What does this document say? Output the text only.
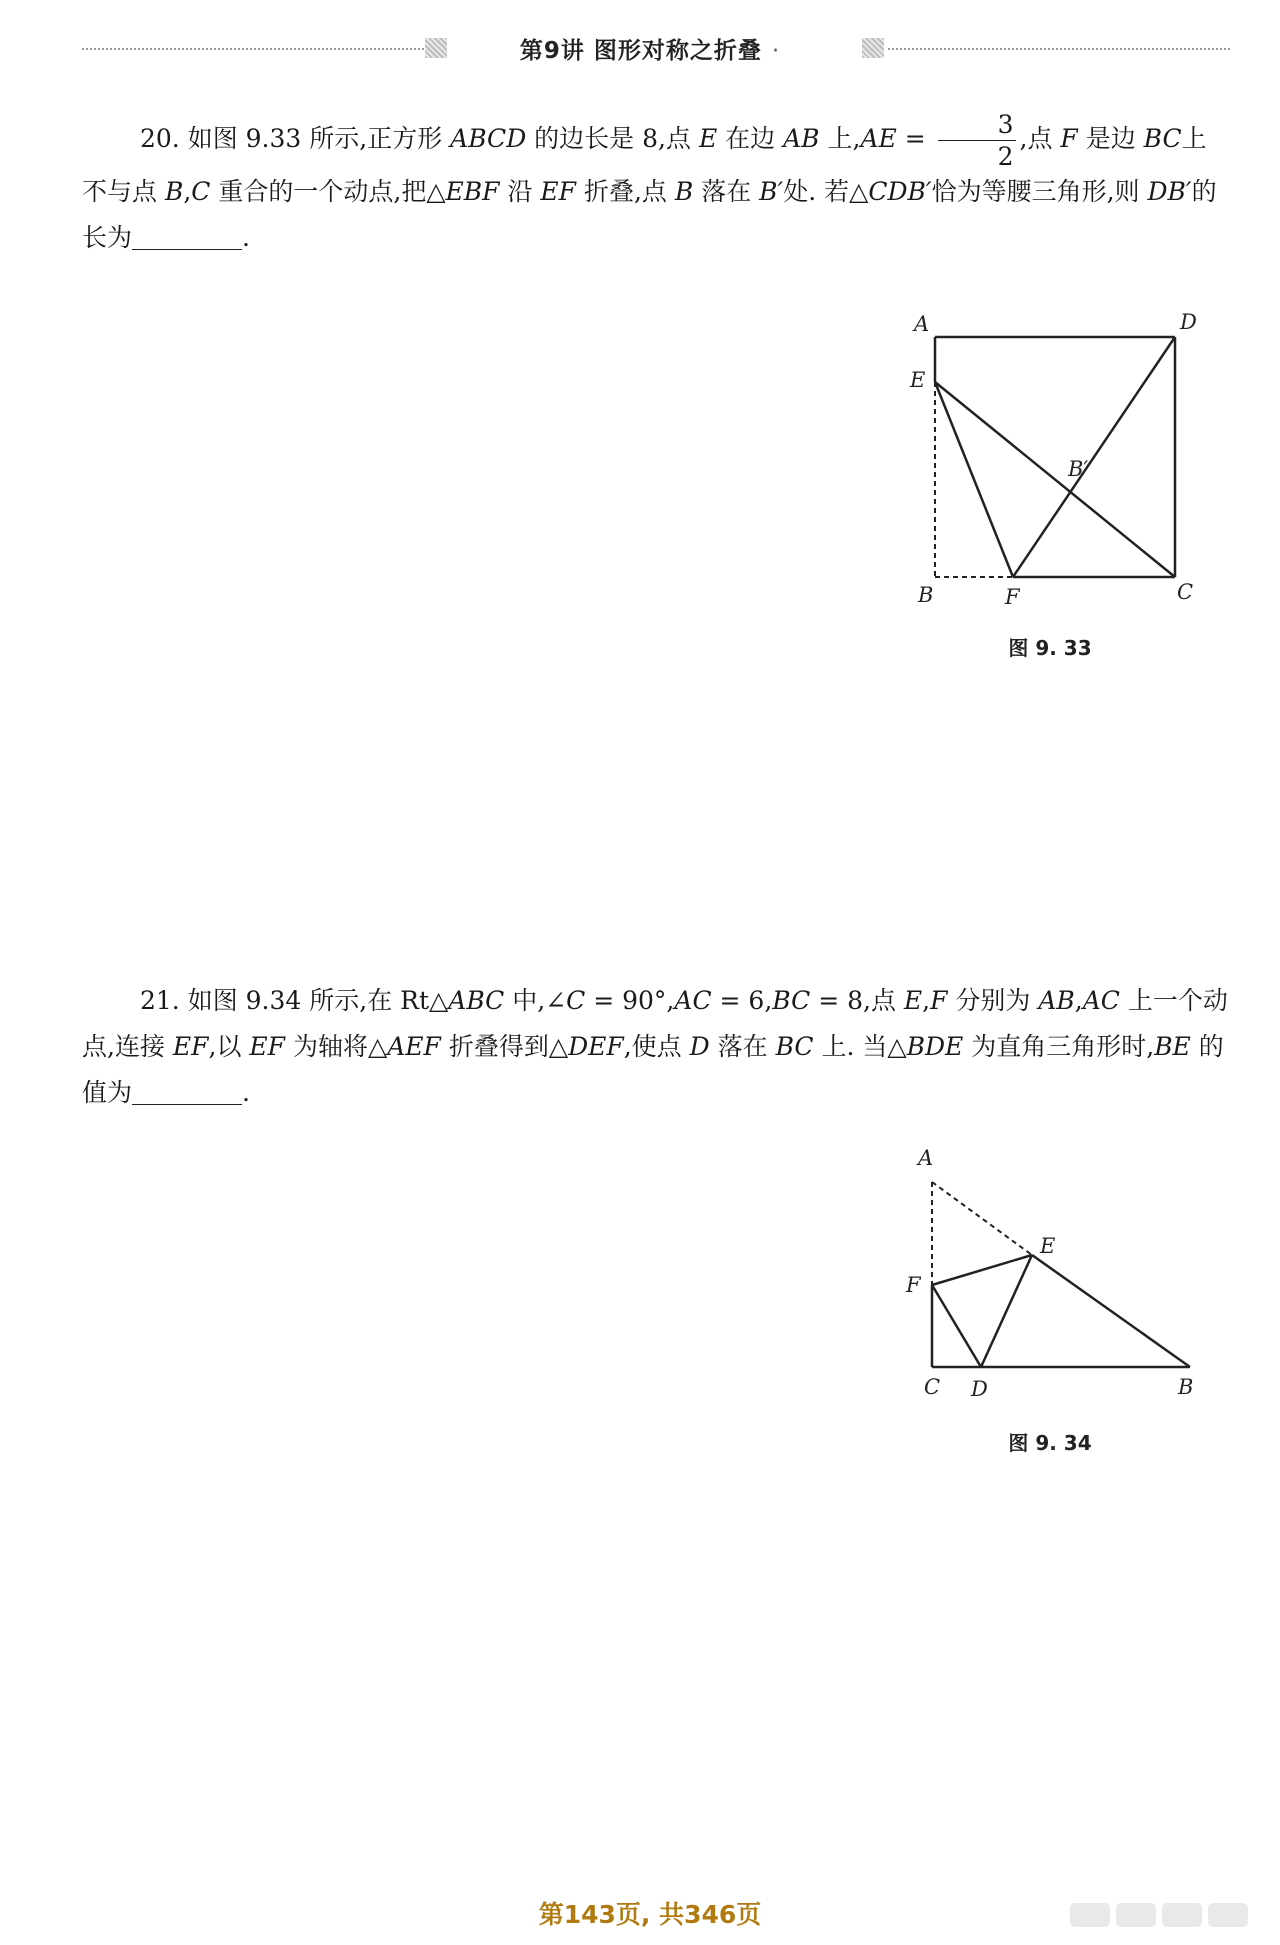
第9讲 图形对称之折叠 ·

20. 如图 9.33 所示,正方形 ABCD 的边长是 8,点 E 在边 AB 上$,AE = \frac{3}{2}$ ,点 F 是边 BC上不与点 B,C 重合的一个动点,把△EBF 沿 EF 折叠,点 B 落在 B′处. 若△CDB′恰为等腰三角形,则 DB′的长为	.

A	D
E
B′
B	F	C
图 9. 33

21. 如图 9.34 所示,在 Rt△ABC 中,∠C = 90°,AC = 6,BC = 8,点 E,F 分别为 AB,AC 上一个动点,连接 EF,以 EF 为轴将△AEF 折叠得到△DEF,使点 D 落在 BC 上. 当△BDE 为直角三角形时,BE 的值为	.

A
E
F
C D	B
图 9. 34
第143页, 共346页
